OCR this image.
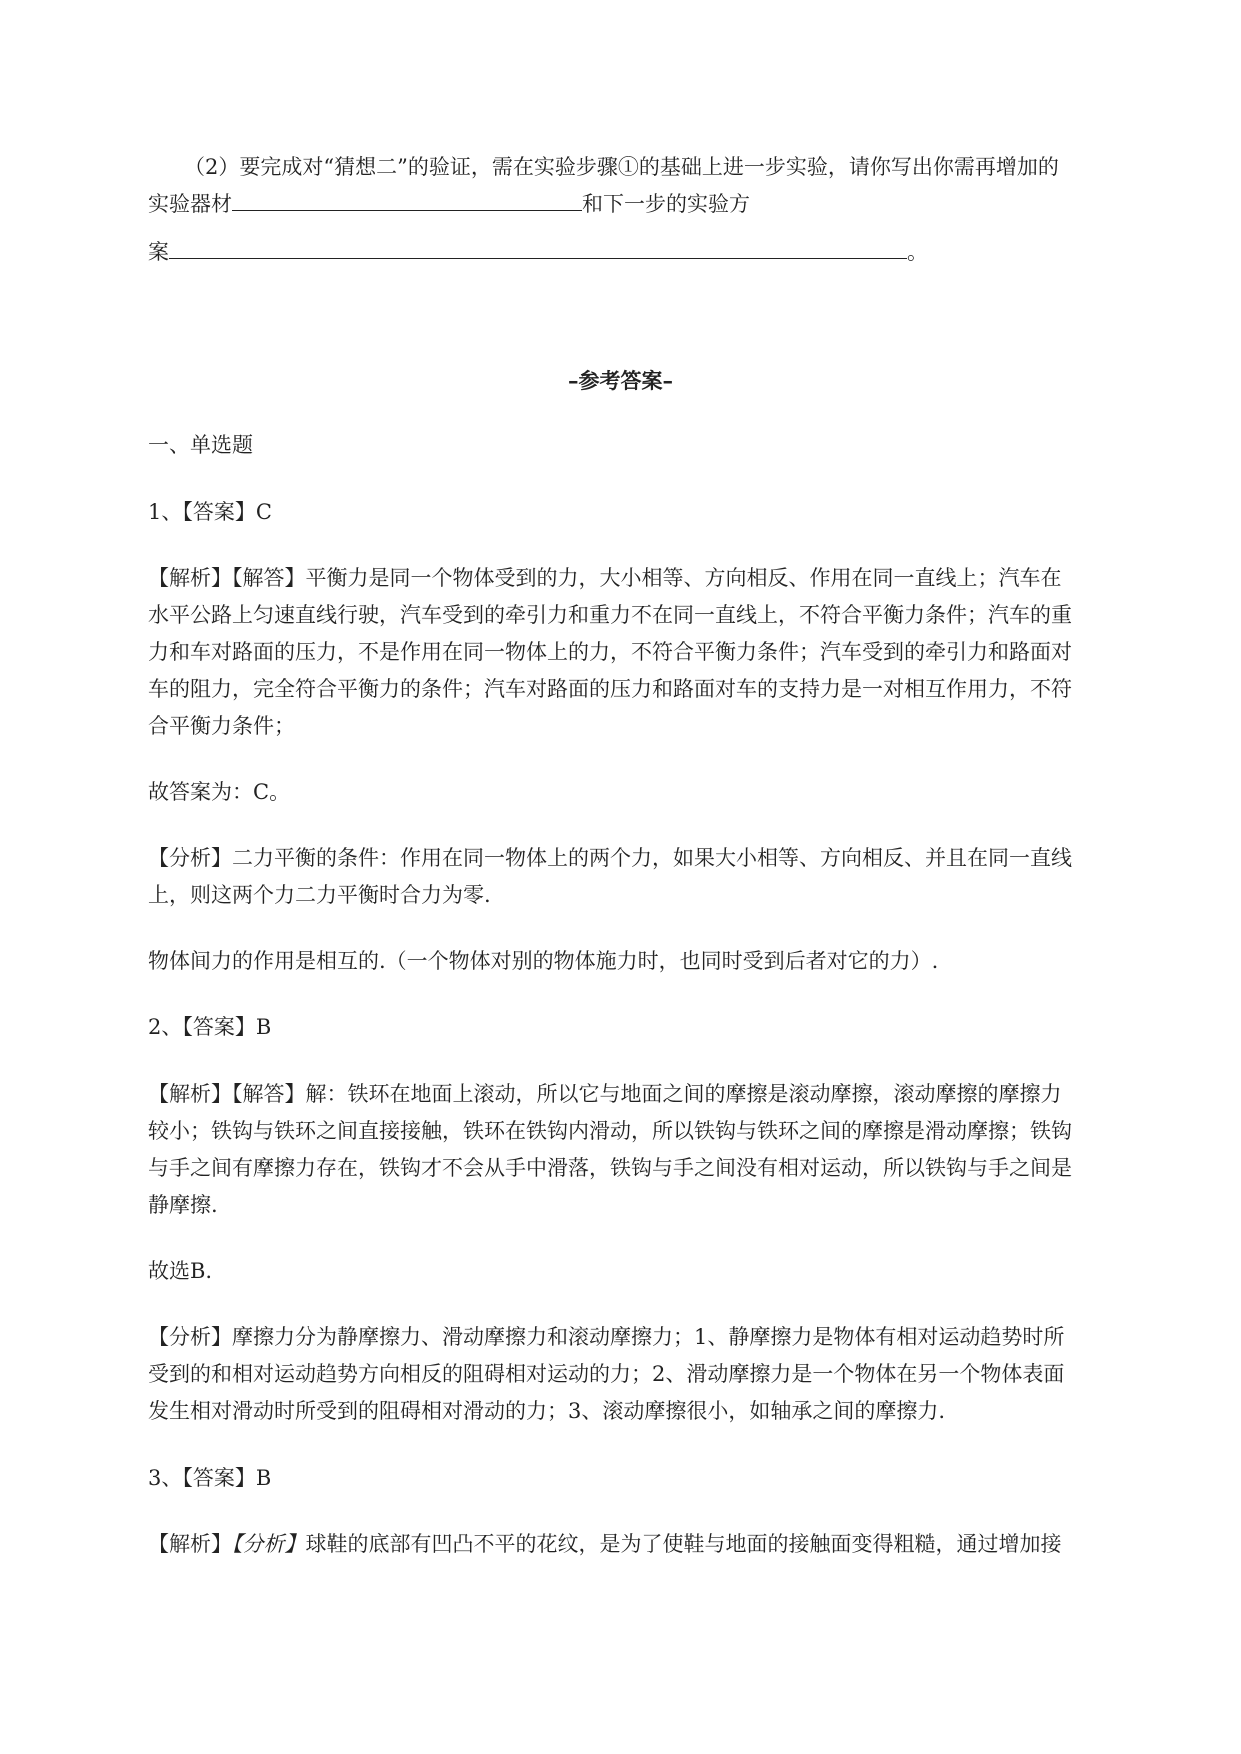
（2）要完成对“猜想二”的验证，需在实验步骤①的基础上进一步实验，请你写出你需再增加的
实验器材	和下一步的实验方
案	。
–参考答案–
一、单选题
1、【答案】C
【解析】【解答】平衡力是同一个物体受到的力，大小相等、方向相反、作用在同一直线上；汽车在
水平公路上匀速直线行驶，汽车受到的牵引力和重力不在同一直线上，不符合平衡力条件；汽车的重
力和车对路面的压力，不是作用在同一物体上的力，不符合平衡力条件；汽车受到的牵引力和路面对
车的阻力，完全符合平衡力的条件；汽车对路面的压力和路面对车的支持力是一对相互作用力，不符
合平衡力条件；
故答案为：C。
【分析】二力平衡的条件：作用在同一物体上的两个力，如果大小相等、方向相反、并且在同一直线
上，则这两个力二力平衡时合力为零.
物体间力的作用是相互的.（一个物体对别的物体施力时，也同时受到后者对它的力）.
2、【答案】B
【解析】【解答】解：铁环在地面上滚动，所以它与地面之间的摩擦是滚动摩擦，滚动摩擦的摩擦力
较小；铁钩与铁环之间直接接触，铁环在铁钩内滑动，所以铁钩与铁环之间的摩擦是滑动摩擦；铁钩
与手之间有摩擦力存在，铁钩才不会从手中滑落，铁钩与手之间没有相对运动，所以铁钩与手之间是
静摩擦.
故选B.
【分析】摩擦力分为静摩擦力、滑动摩擦力和滚动摩擦力；1、静摩擦力是物体有相对运动趋势时所
受到的和相对运动趋势方向相反的阻碍相对运动的力；2、滑动摩擦力是一个物体在另一个物体表面
发生相对滑动时所受到的阻碍相对滑动的力；3、滚动摩擦很小，如轴承之间的摩擦力.
3、【答案】B
【解析】【分析】球鞋的底部有凹凸不平的花纹，是为了使鞋与地面的接触面变得粗糙，通过增加接
